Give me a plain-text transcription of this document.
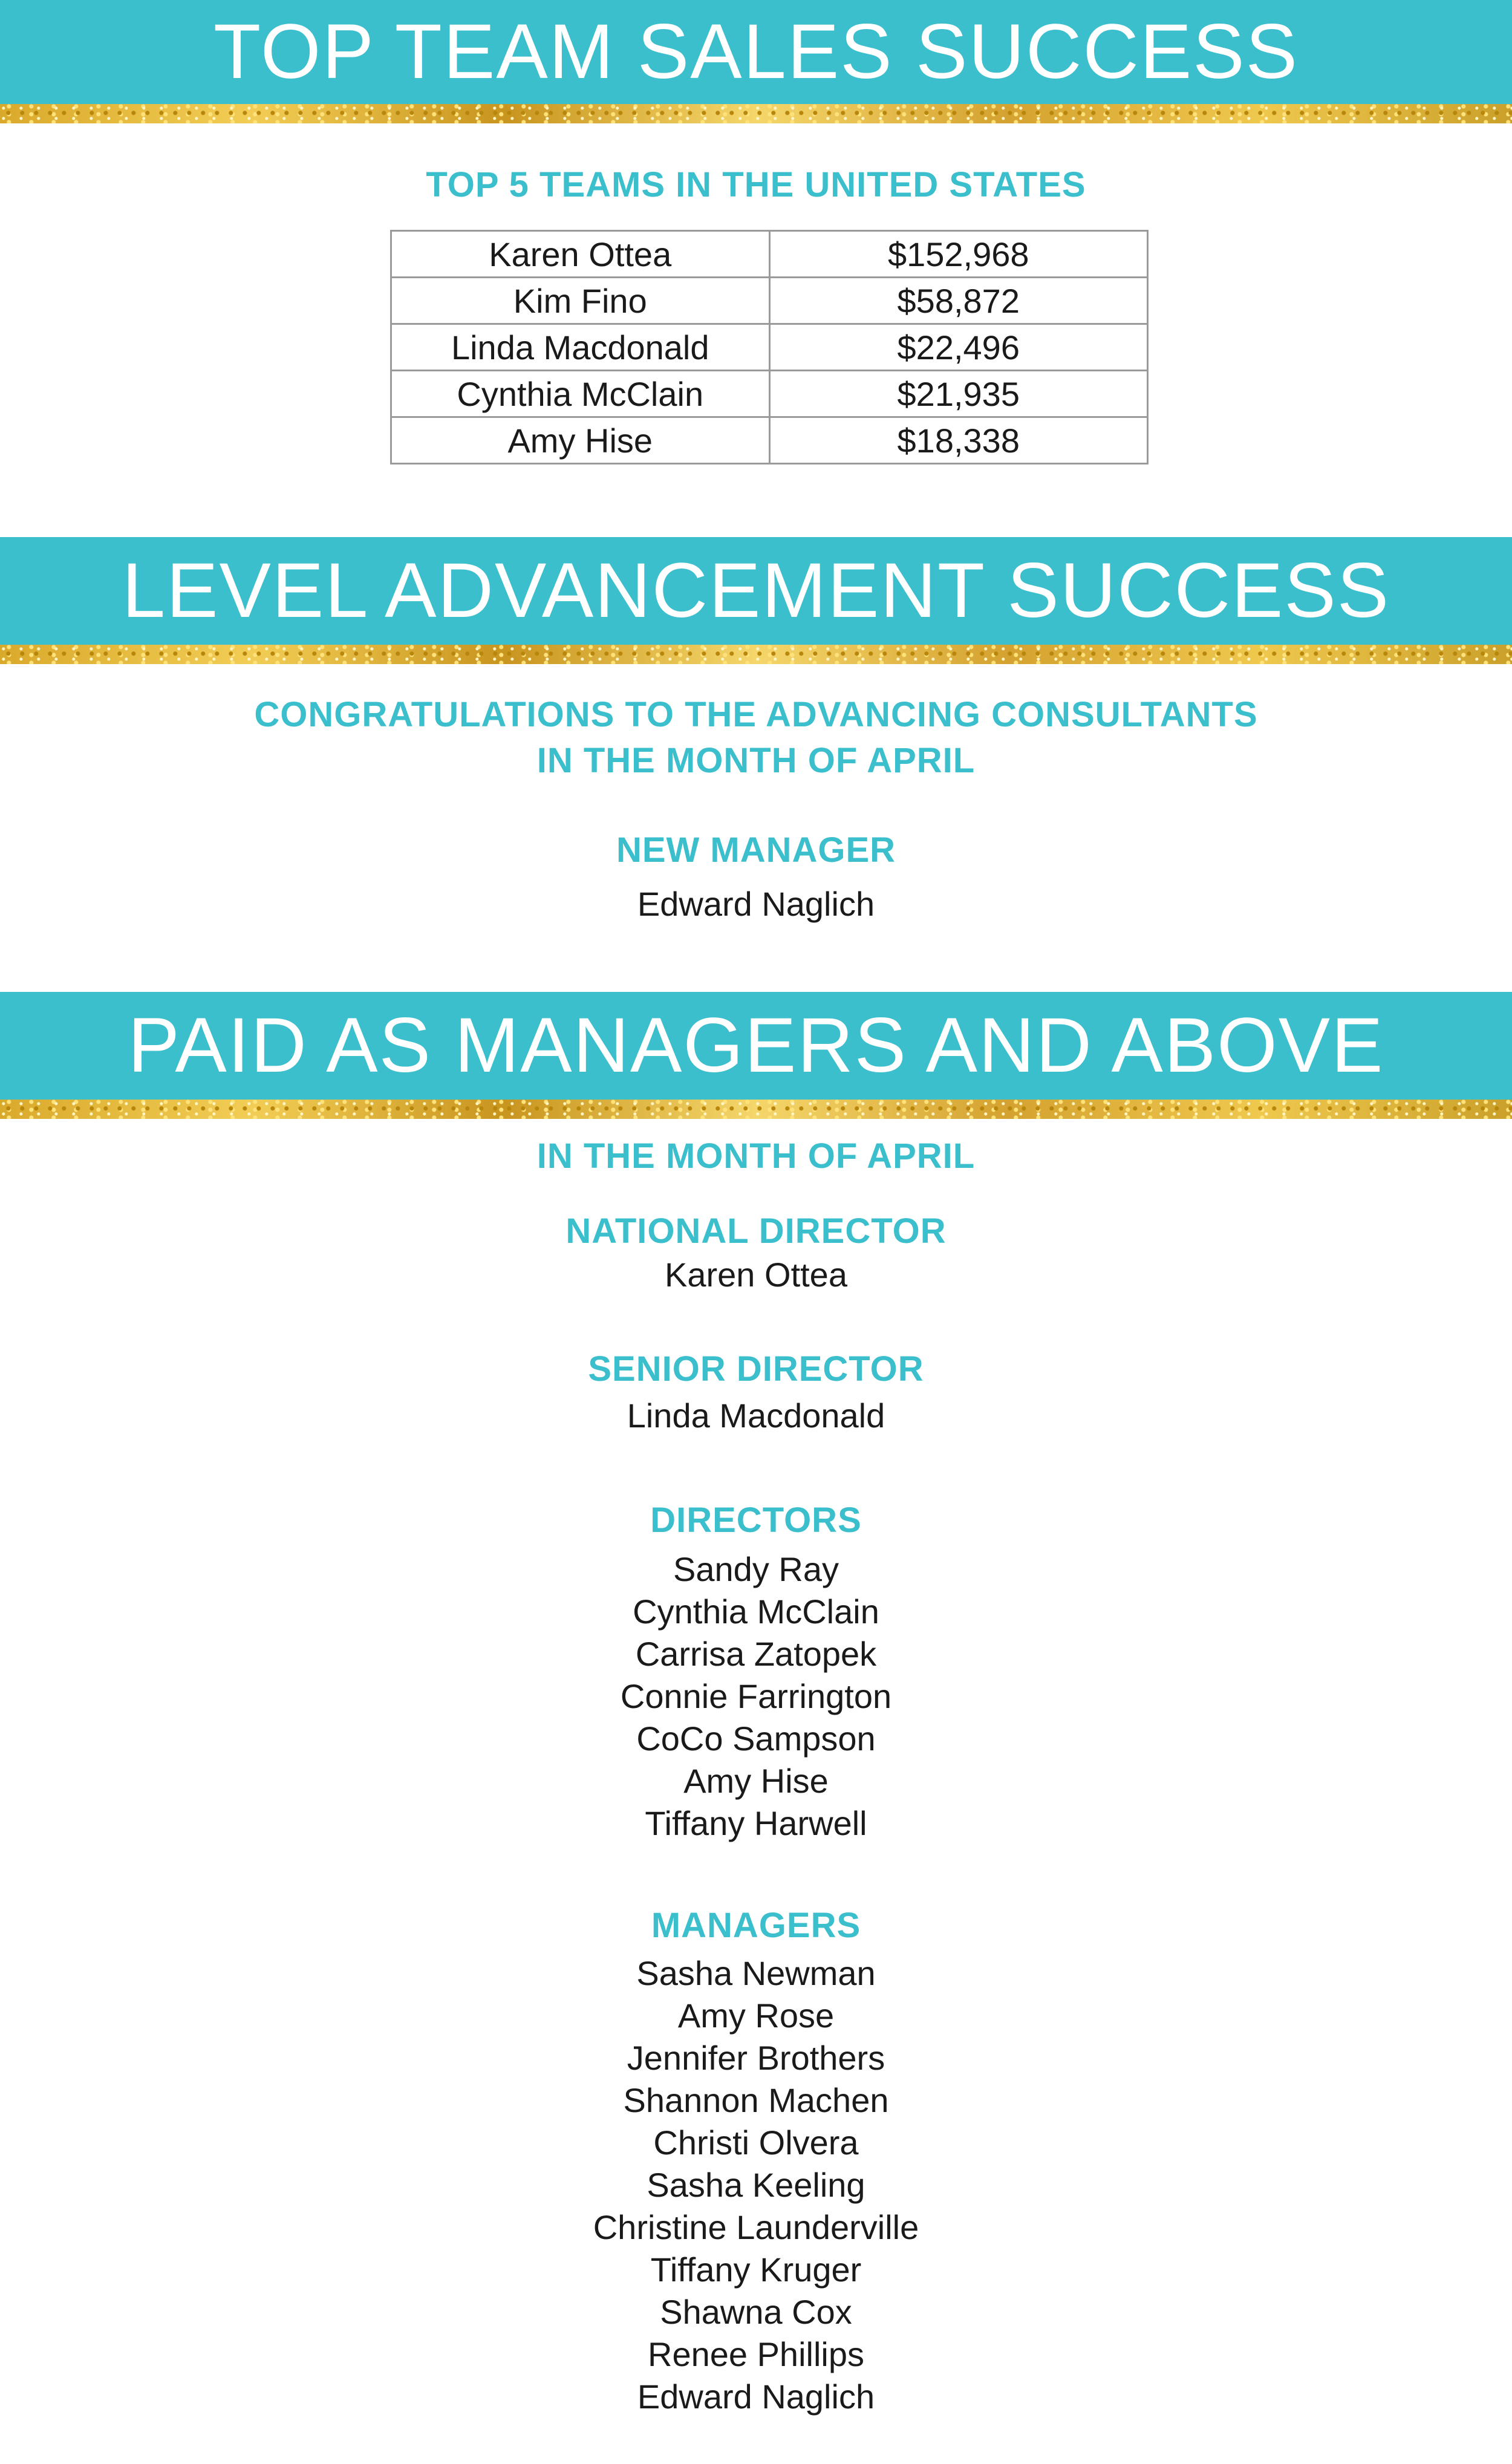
TOP TEAM SALES SUCCESS
TOP 5 TEAMS IN THE UNITED STATES
Karen Ottea	$152,968
Kim Fino	$58,872
Linda Macdonald	$22,496
Cynthia McClain	$21,935
Amy Hise	$18,338
LEVEL ADVANCEMENT SUCCESS
CONGRATULATIONS TO THE ADVANCING CONSULTANTS
IN THE MONTH OF APRIL
NEW MANAGER
Edward Naglich
PAID AS MANAGERS AND ABOVE
IN THE MONTH OF APRIL
NATIONAL DIRECTOR
Karen Ottea
SENIOR DIRECTOR
Linda Macdonald
DIRECTORS
Sandy Ray
Cynthia McClain
Carrisa Zatopek
Connie Farrington
CoCo Sampson
Amy Hise
Tiffany Harwell
MANAGERS
Sasha Newman
Amy Rose
Jennifer Brothers
Shannon Machen
Christi Olvera
Sasha Keeling
Christine Launderville
Tiffany Kruger
Shawna Cox
Renee Phillips
Edward Naglich
